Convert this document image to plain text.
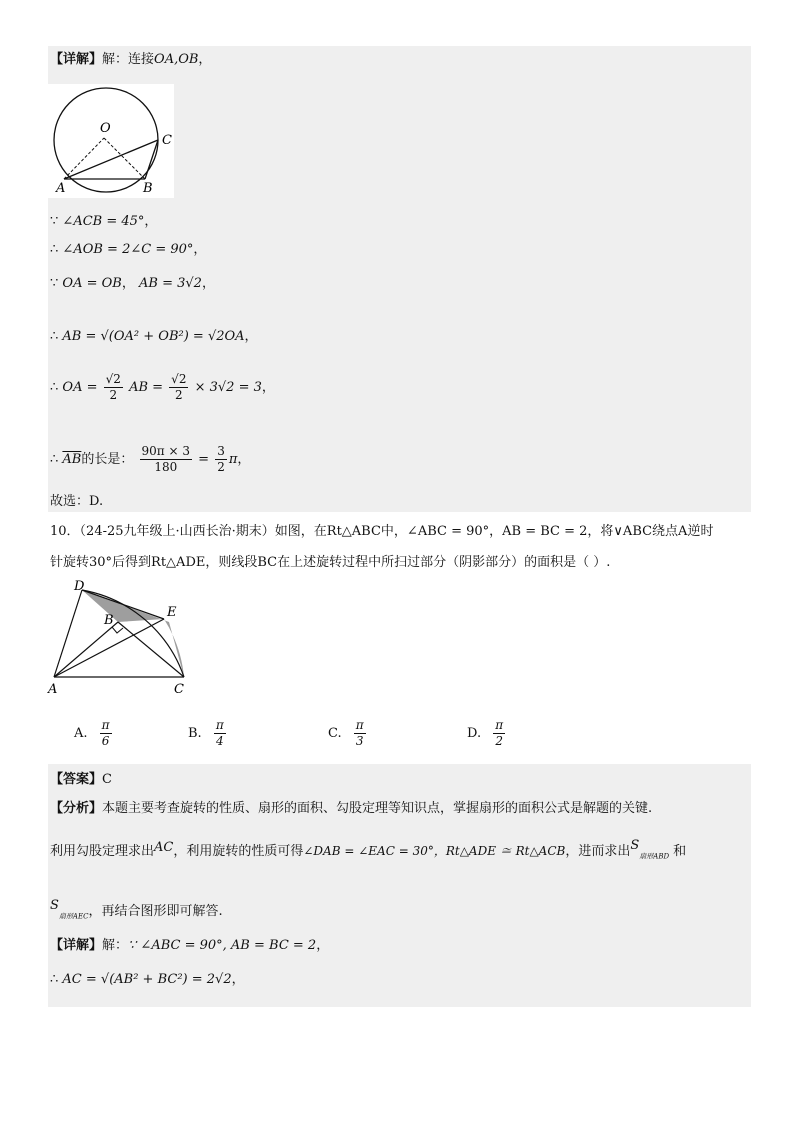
【详解】解：连接OA,OB，
O
C
A	B
∵ ∠ACB = 45°，
∴ ∠AOB = 2∠C = 90°，
∵ OA = OB， AB = 3√2，
∴ AB = √(OA² + OB²) = √2OA，
∴ OA = $\frac{√2}{2}$ AB = $\frac{√2}{2} \times 3√2 = 3$，
∴ $\overline{AB}$的长是： $\frac{90\pi \times 3}{180} = \frac{3}{2}$ π，
故选：D.
10．（24-25九年级上·山西长治·期末）如图，在Rt△ABC中，∠ABC = 90°，AB = BC = 2，将∨ABC绕点A逆时
针旋转30°后得到Rt△ADE，则线段BC在上述旋转过程中所扫过部分（阴影部分）的面积是（ ）.
D
B
E
A	C
A. $\frac{\pi}{6}$	B. $\frac{\pi}{4}$	C. $\frac{\pi}{3}$	D. $\frac{\pi}{2}$
【答案】C
【分析】本题主要考查旋转的性质、扇形的面积、勾股定理等知识点，掌握扇形的面积公式是解题的关键.
利用勾股定理求出AC，利用旋转的性质可得∠DAB = ∠EAC = 30°，Rt△ADE ≅ Rt△ACB，进而求出$S_{扇形ABD}$ 和
$S_{扇形AEC}$，再结合图形即可解答.
【详解】解：∵ ∠ABC = 90°, AB = BC = 2，
∴ AC = √(AB² + BC²) = 2√2，
